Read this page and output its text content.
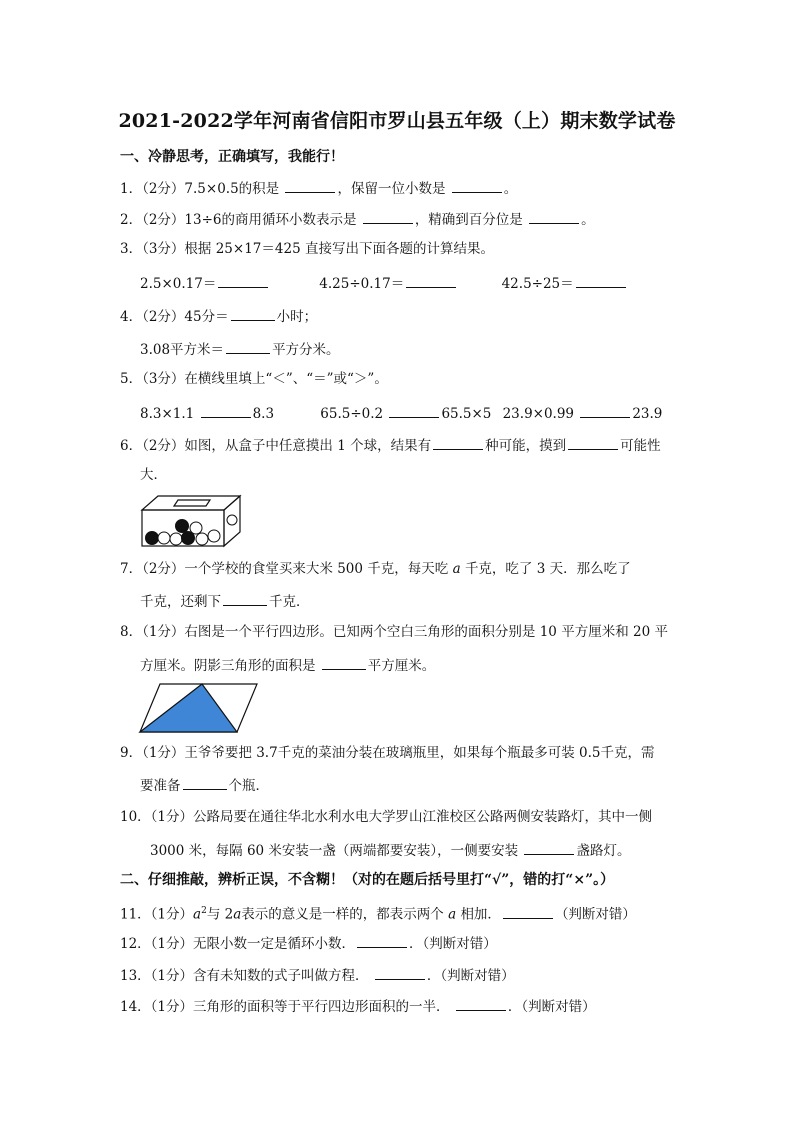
2021-2022学年河南省信阳市罗山县五年级（上）期末数学试卷
一、冷静思考，正确填写，我能行！
1．（2分）7.5×0.5的积是	，保留一位小数是	。
2．（2分）13÷6的商用循环小数表示是	，精确到百分位是	。
3．（3分）根据 25×17＝425 直接写出下面各题的计算结果。
2.5×0.17＝	4.25÷0.17＝	42.5÷25＝
4．（2分）45分＝	小时；
3.08平方米＝	平方分米。
5．（3分）在横线里填上“＜”、“＝”或“＞”。
8.3×1.1	8.3	65.5÷0.2	65.5×5 23.9×0.99	23.9
6．（2分）如图，从盒子中任意摸出 1 个球，结果有	种可能，摸到	可能性
大．
7．（2分）一个学校的食堂买来大米 500 千克，每天吃 a 千克，吃了 3 天．那么吃了
千克，还剩下	千克．
8．（1分）右图是一个平行四边形。已知两个空白三角形的面积分别是 10 平方厘米和 20 平
方厘米。阴影三角形的面积是	平方厘米。
9．（1分）王爷爷要把 3.7千克的菜油分装在玻璃瓶里，如果每个瓶最多可装 0.5千克，需
要准备	个瓶．
10．（1分）公路局要在通往华北水利水电大学罗山江淮校区公路两侧安装路灯，其中一侧
3000 米，每隔 60 米安装一盏（两端都要安装），一侧要安装	盏路灯。
二、仔细推敲，辨析正误，不含糊！（对的在题后括号里打“√”，错的打“×”。）
11．（1分）$a^2$与 2a表示的意义是一样的，都表示两个 a 相加．	（判断对错）
12．（1分）无限小数一定是循环小数．	．（判断对错）
13．（1分）含有未知数的式子叫做方程．	．（判断对错）
14．（1分）三角形的面积等于平行四边形面积的一半．	．（判断对错）
